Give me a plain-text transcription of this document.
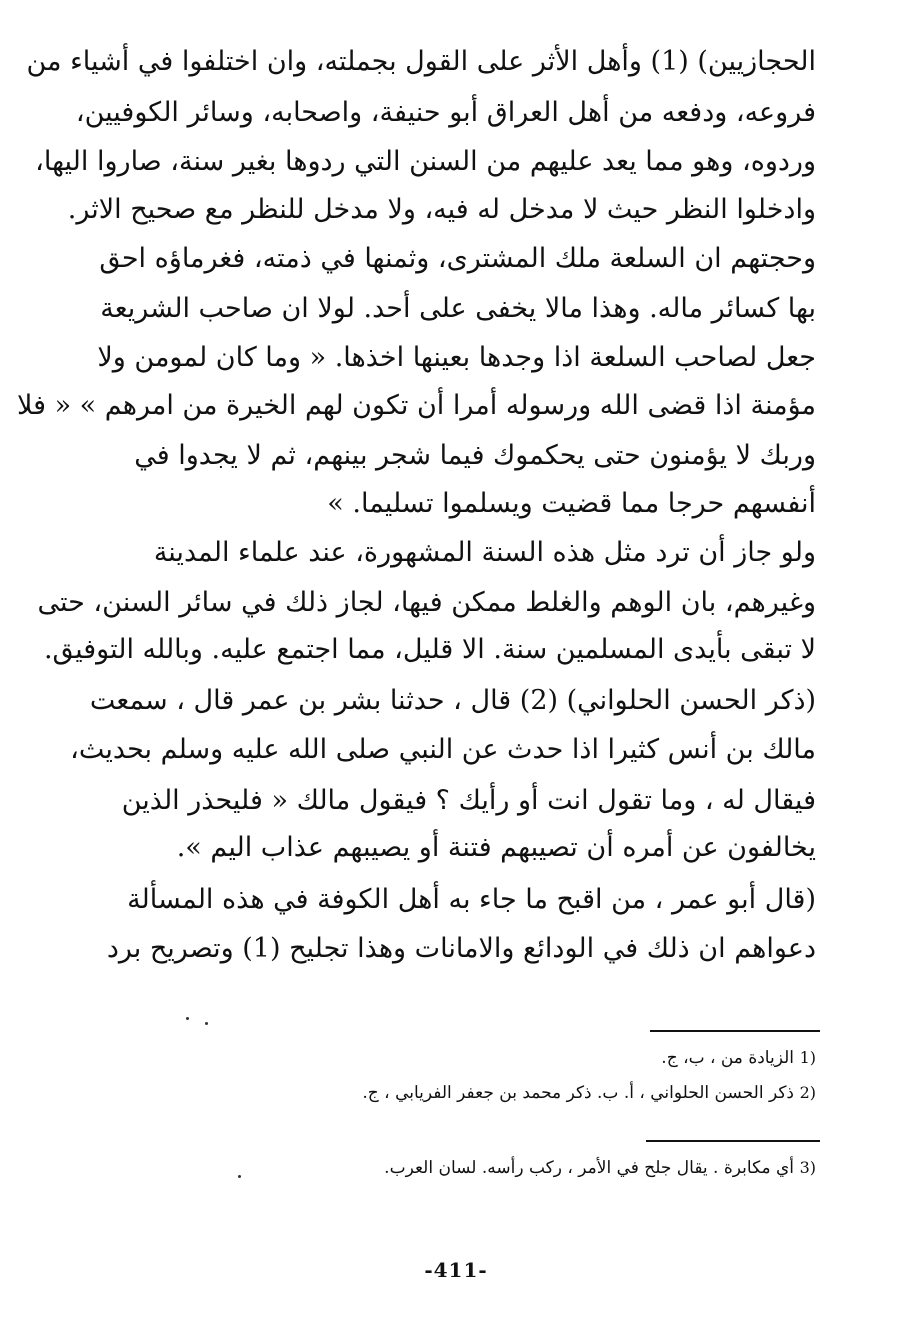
الحجازيين) (1) وأهل الأثر على القول بجملته، وان اختلفوا في أشياء من
فروعه، ودفعه من أهل العراق أبو حنيفة، واصحابه، وسائر الكوفيين،
وردوه، وهو مما يعد عليهم من السنن التي ردوها بغير سنة، صاروا اليها،
وادخلوا النظر حيث لا مدخل له فيه، ولا مدخل للنظر مع صحيح الاثر.
وحجتهم ان السلعة ملك المشترى، وثمنها في ذمته، فغرماؤه احق
بها كسائر ماله. وهذا مالا يخفى على أحد. لولا ان صاحب الشريعة
جعل لصاحب السلعة اذا وجدها بعينها اخذها. « وما كان لمومن ولا
مؤمنة اذا قضى الله ورسوله أمرا أن تكون لهم الخيرة من امرهم » « فلا
وربك لا يؤمنون حتى يحكموك فيما شجر بينهم، ثم لا يجدوا في
أنفسهم حرجا مما قضيت ويسلموا تسليما. »
ولو جاز أن ترد مثل هذه السنة المشهورة، عند علماء المدينة
وغيرهم، بان الوهم والغلط ممكن فيها، لجاز ذلك في سائر السنن، حتى
لا تبقى بأيدى المسلمين سنة. الا قليل، مما اجتمع عليه. وبالله التوفيق.
(ذكر الحسن الحلواني) (2) قال ، حدثنا بشر بن عمر قال ، سمعت
مالك بن أنس كثيرا اذا حدث عن النبي صلى الله عليه وسلم بحديث،
فيقال له ، وما تقول انت أو رأيك ؟ فيقول مالك « فليحذر الذين
يخالفون عن أمره أن تصيبهم فتنة أو يصيبهم عذاب اليم ».
(قال أبو عمر ، من اقبح ما جاء به أهل الكوفة في هذه المسألة
دعواهم ان ذلك في الودائع والامانات وهذا تجليح (1) وتصريح برد
1)
الزيادة من ، ب، ج.
2)
ذكر الحسن الحلواني ، أ. ب. ذكر محمد بن جعفر الفريابي ، ج.
3)
أي مكابرة . يقال جلح في الأمر ، ركب رأسه. لسان العرب.
-411-
